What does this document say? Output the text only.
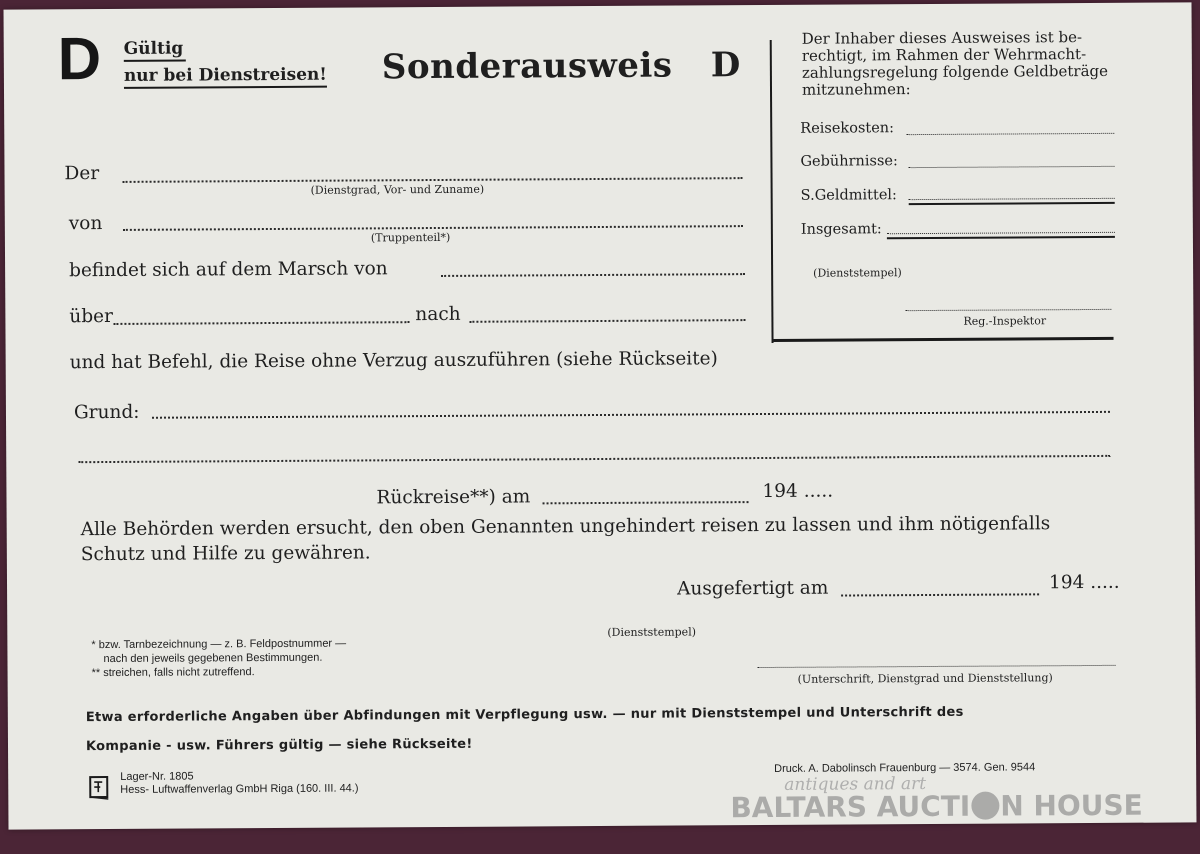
D Gültig
nur bei Dienstreisen! Sonderausweis D
Der
(Dienstgrad, Vor- und Zuname)
von
(Truppenteil*)
befindet sich auf dem Marsch von
über	nach
und hat Befehl, die Reise ohne Verzug auszuführen (siehe Rückseite)
Grund:
Rückreise**) am	194 .....
Alle Behörden werden ersucht, den oben Genannten ungehindert reisen zu lassen und ihm nötigenfalls
Schutz und Hilfe zu gewähren.
Ausgefertigt am	194 .....
(Dienststempel)
* bzw. Tarnbezeichnung — z. B. Feldpostnummer —
nach den jeweils gegebenen Bestimmungen.
** streichen, falls nicht zutreffend.	(Unterschrift, Dienstgrad und Dienststellung)
Der Inhaber dieses Ausweises ist be-
rechtigt, im Rahmen der Wehrmacht-
zahlungsregelung folgende Geldbeträge
mitzunehmen:
Reisekosten:
Gebührnisse:
S.Geldmittel:
Insgesamt:
(Dienststempel)
Reg.-Inspektor
Etwa erforderliche Angaben über Abfindungen mit Verpflegung usw. — nur mit Dienststempel und Unterschrift des
Kompanie - usw. Führers gültig — siehe Rückseite!
Lager-Nr. 1805
Hess- Luftwaffenverlag GmbH Riga (160. III. 44.)
Druck. A. Dabolinsch Frauenburg — 3574. Gen. 9544
antiques and art
BALTARS AUCTI N HOUSE
